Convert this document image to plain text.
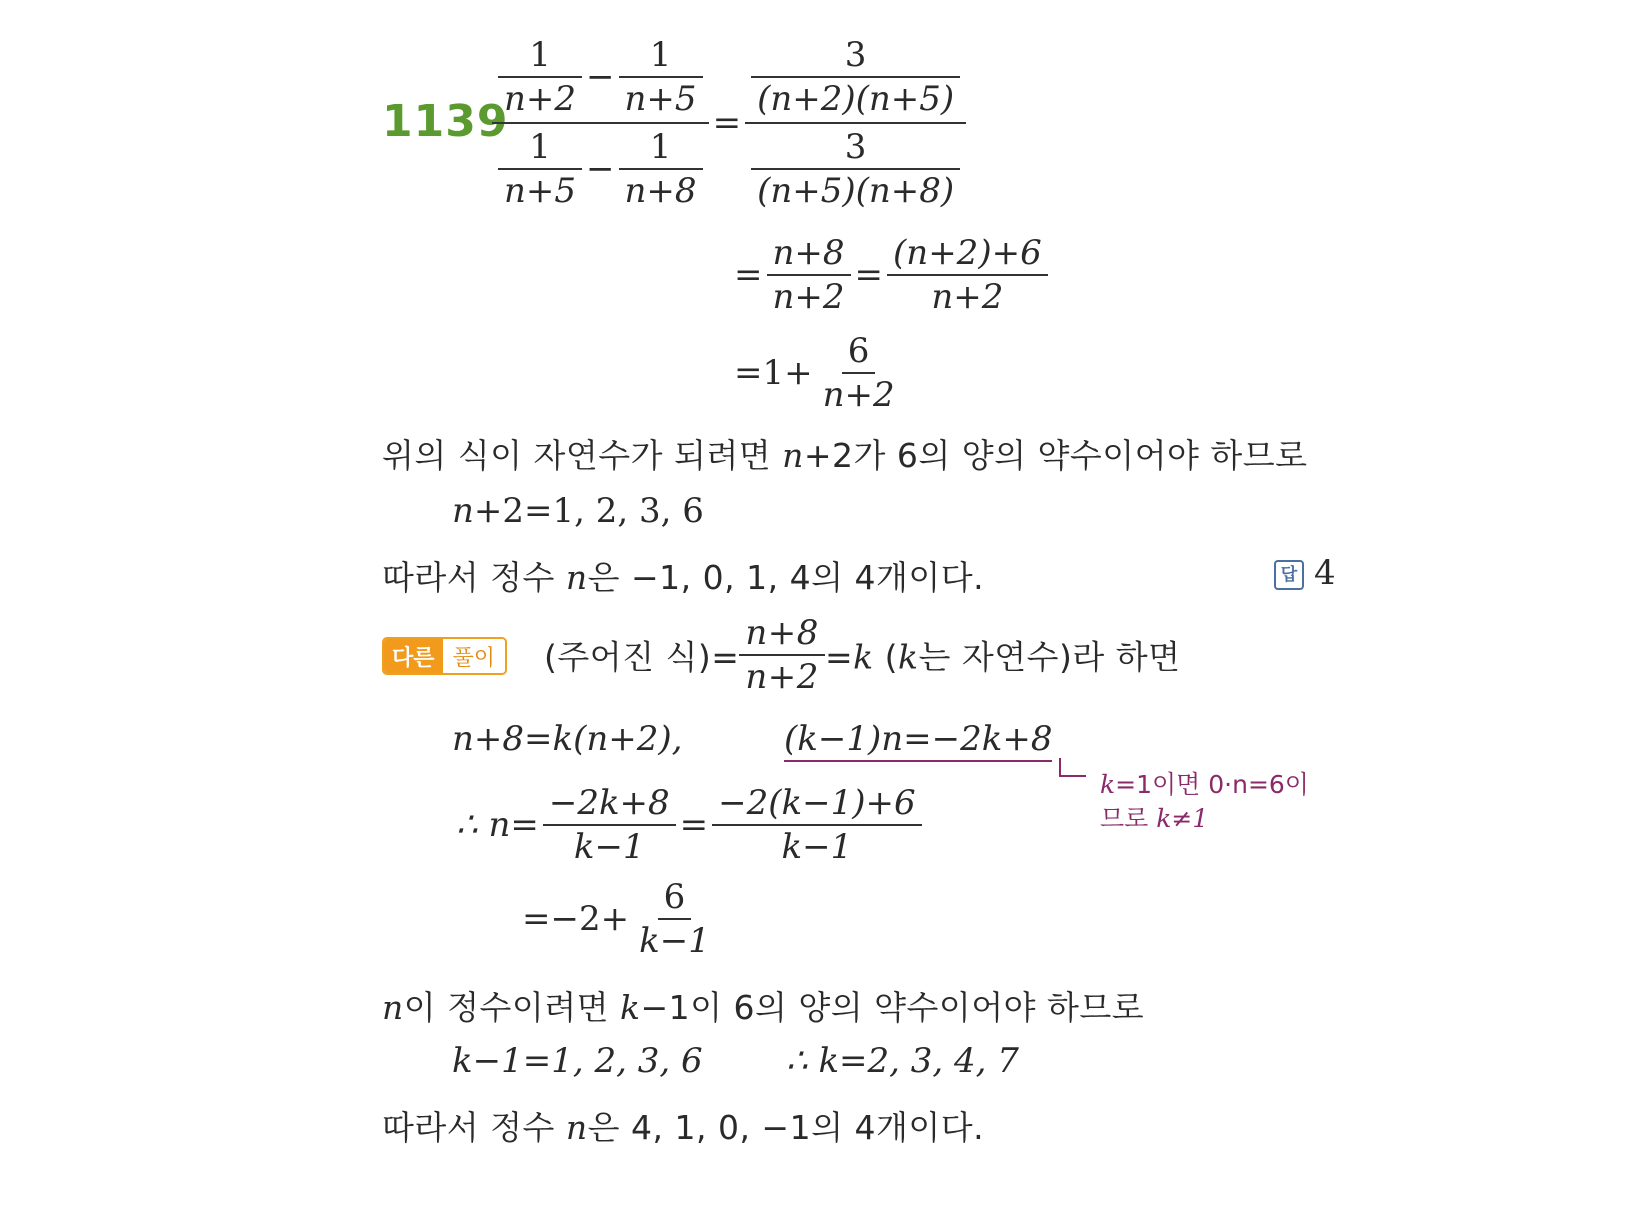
1139
$\frac{\frac{1}{n+2} - \frac{1}{n+5}}{\frac{1}{n+5} - \frac{1}{n+8}} = \frac{\frac{3}{(n+2)(n+5)}}{\frac{3}{(n+5)(n+8)}}$
= $\frac{n+8}{n+2} = \frac{(n+2)+6}{n+2}$
$=1+ \frac{6}{n+2}$
위의 식이 자연수가 되려면 n+2가 6의 양의 약수이어야 하므로
n+2=1, 2, 3, 6
따라서 정수 n은 −1, 0, 1, 4의 4개이다.	답 4
다른 풀이	(주어진 식)= $\frac{n+8}{n+2} =k$ (k는 자연수)라 하면
n+8=k(n+2),	(k−1)n=−2k+8
k=1이면 0·n=6이
므로 k≠1
∴ $n= \frac{-2k+8}{k-1} = \frac{-2(k-1)+6}{k-1}$
$=-2+ \frac{6}{k-1}$
n이 정수이려면 k−1이 6의 양의 약수이어야 하므로
k−1=1, 2, 3, 6 ∴ k=2, 3, 4, 7
따라서 정수 n은 4, 1, 0, −1의 4개이다.
